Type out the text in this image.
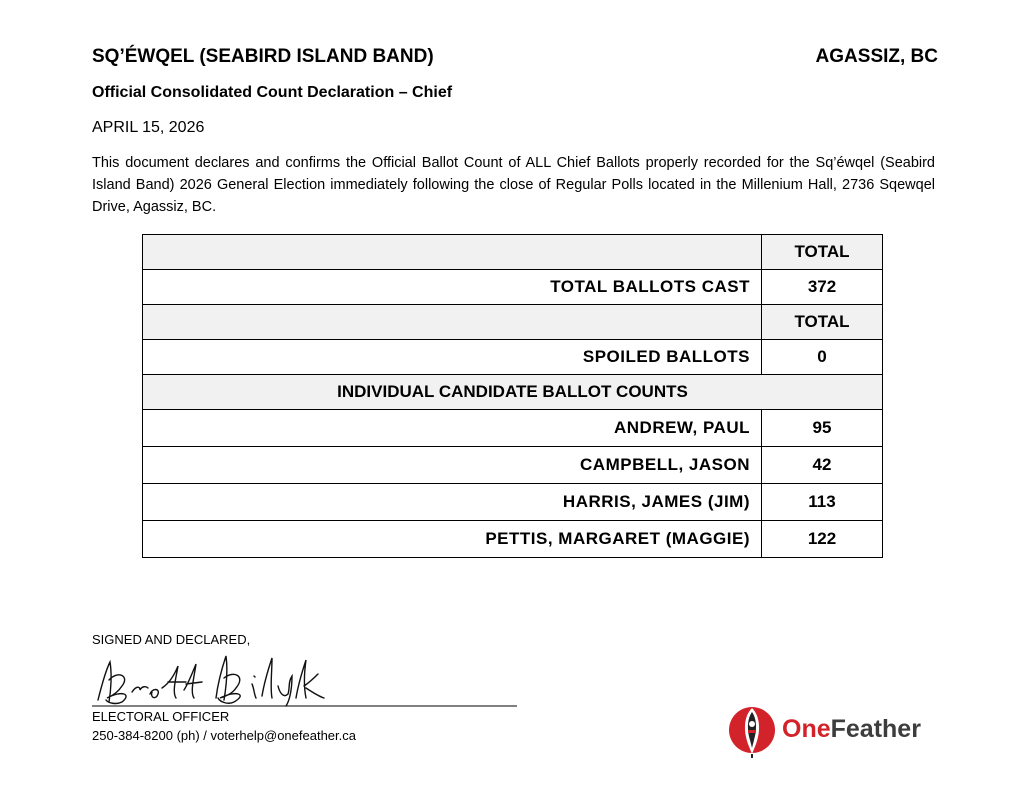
SQ’ÉWQEL (SEABIRD ISLAND BAND)	AGASSIZ, BC
Official Consolidated Count Declaration – Chief
APRIL 15, 2026
This document declares and confirms the Official Ballot Count of ALL Chief Ballots properly recorded for the Sq’éwqel (Seabird Island Band) 2026 General Election immediately following the close of Regular Polls located in the Millenium Hall, 2736 Sqewqel Drive, Agassiz, BC.
	TOTAL
TOTAL BALLOTS CAST	372
	TOTAL
SPOILED BALLOTS	0
INDIVIDUAL CANDIDATE BALLOT COUNTS	
ANDREW, PAUL	95
CAMPBELL, JASON	42
HARRIS, JAMES (JIM)	113
PETTIS, MARGARET (MAGGIE)	122
SIGNED AND DECLARED,
ELECTORAL OFFICER
250-384-8200 (ph) / voterhelp@onefeather.ca	OneFeather
